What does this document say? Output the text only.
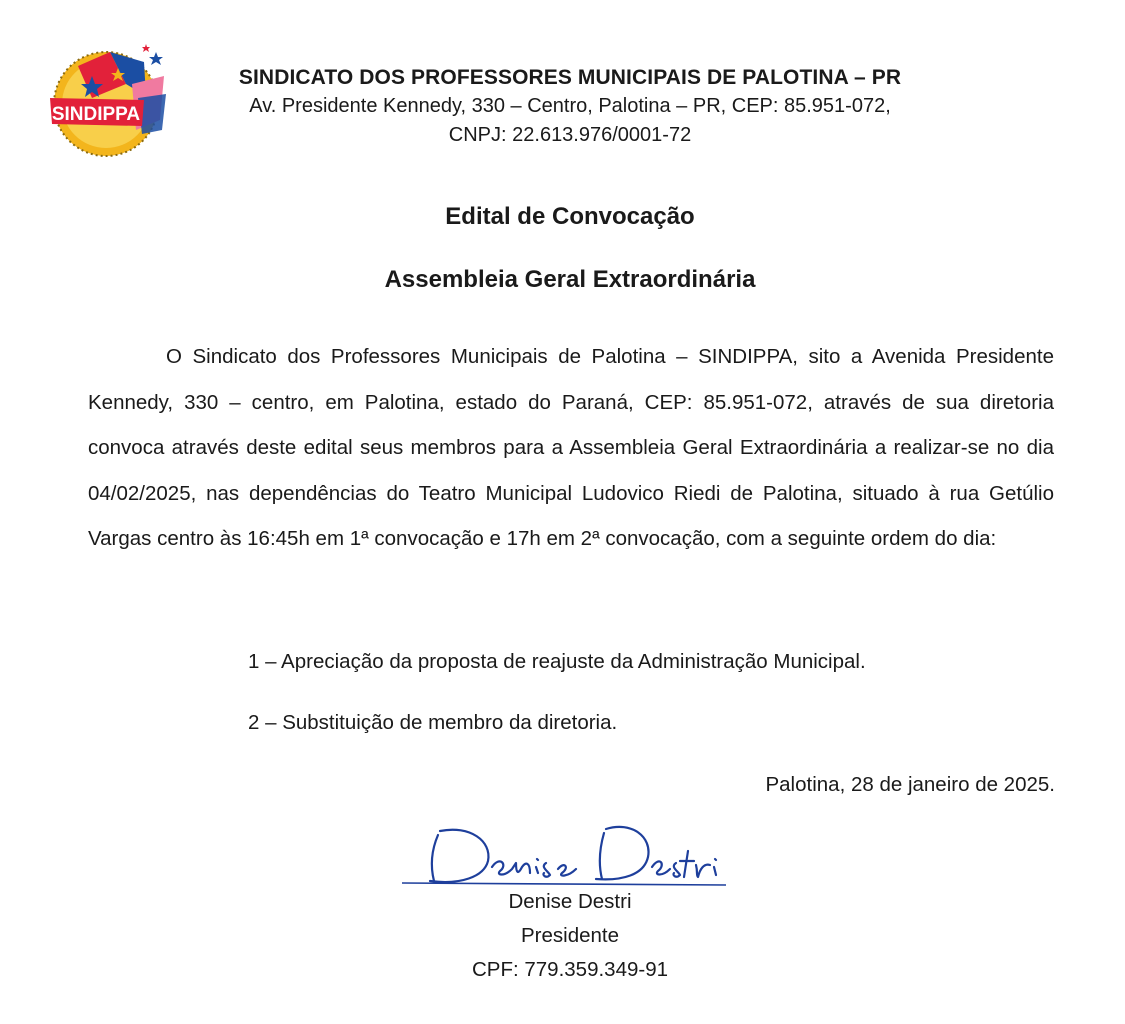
SINDIPPA
SINDICATO DOS PROFESSORES MUNICIPAIS DE PALOTINA – PR
Av. Presidente Kennedy, 330 – Centro, Palotina – PR, CEP: 85.951-072,
CNPJ: 22.613.976/0001-72
Edital de Convocação
Assembleia Geral Extraordinária
O Sindicato dos Professores Municipais de Palotina – SINDIPPA, sito a Avenida Presidente Kennedy, 330 – centro, em Palotina, estado do Paraná, CEP: 85.951-072, através de sua diretoria convoca através deste edital seus membros para a Assembleia Geral Extraordinária a realizar-se no dia 04/02/2025, nas dependências do Teatro Municipal Ludovico Riedi de Palotina, situado à rua Getúlio Vargas centro às 16:45h em 1ª convocação e 17h em 2ª convocação, com a seguinte ordem do dia:
1 – Apreciação da proposta de reajuste da Administração Municipal.
2 – Substituição de membro da diretoria.
Palotina, 28 de janeiro de 2025.
Denise Destri
Presidente
CPF: 779.359.349-91
